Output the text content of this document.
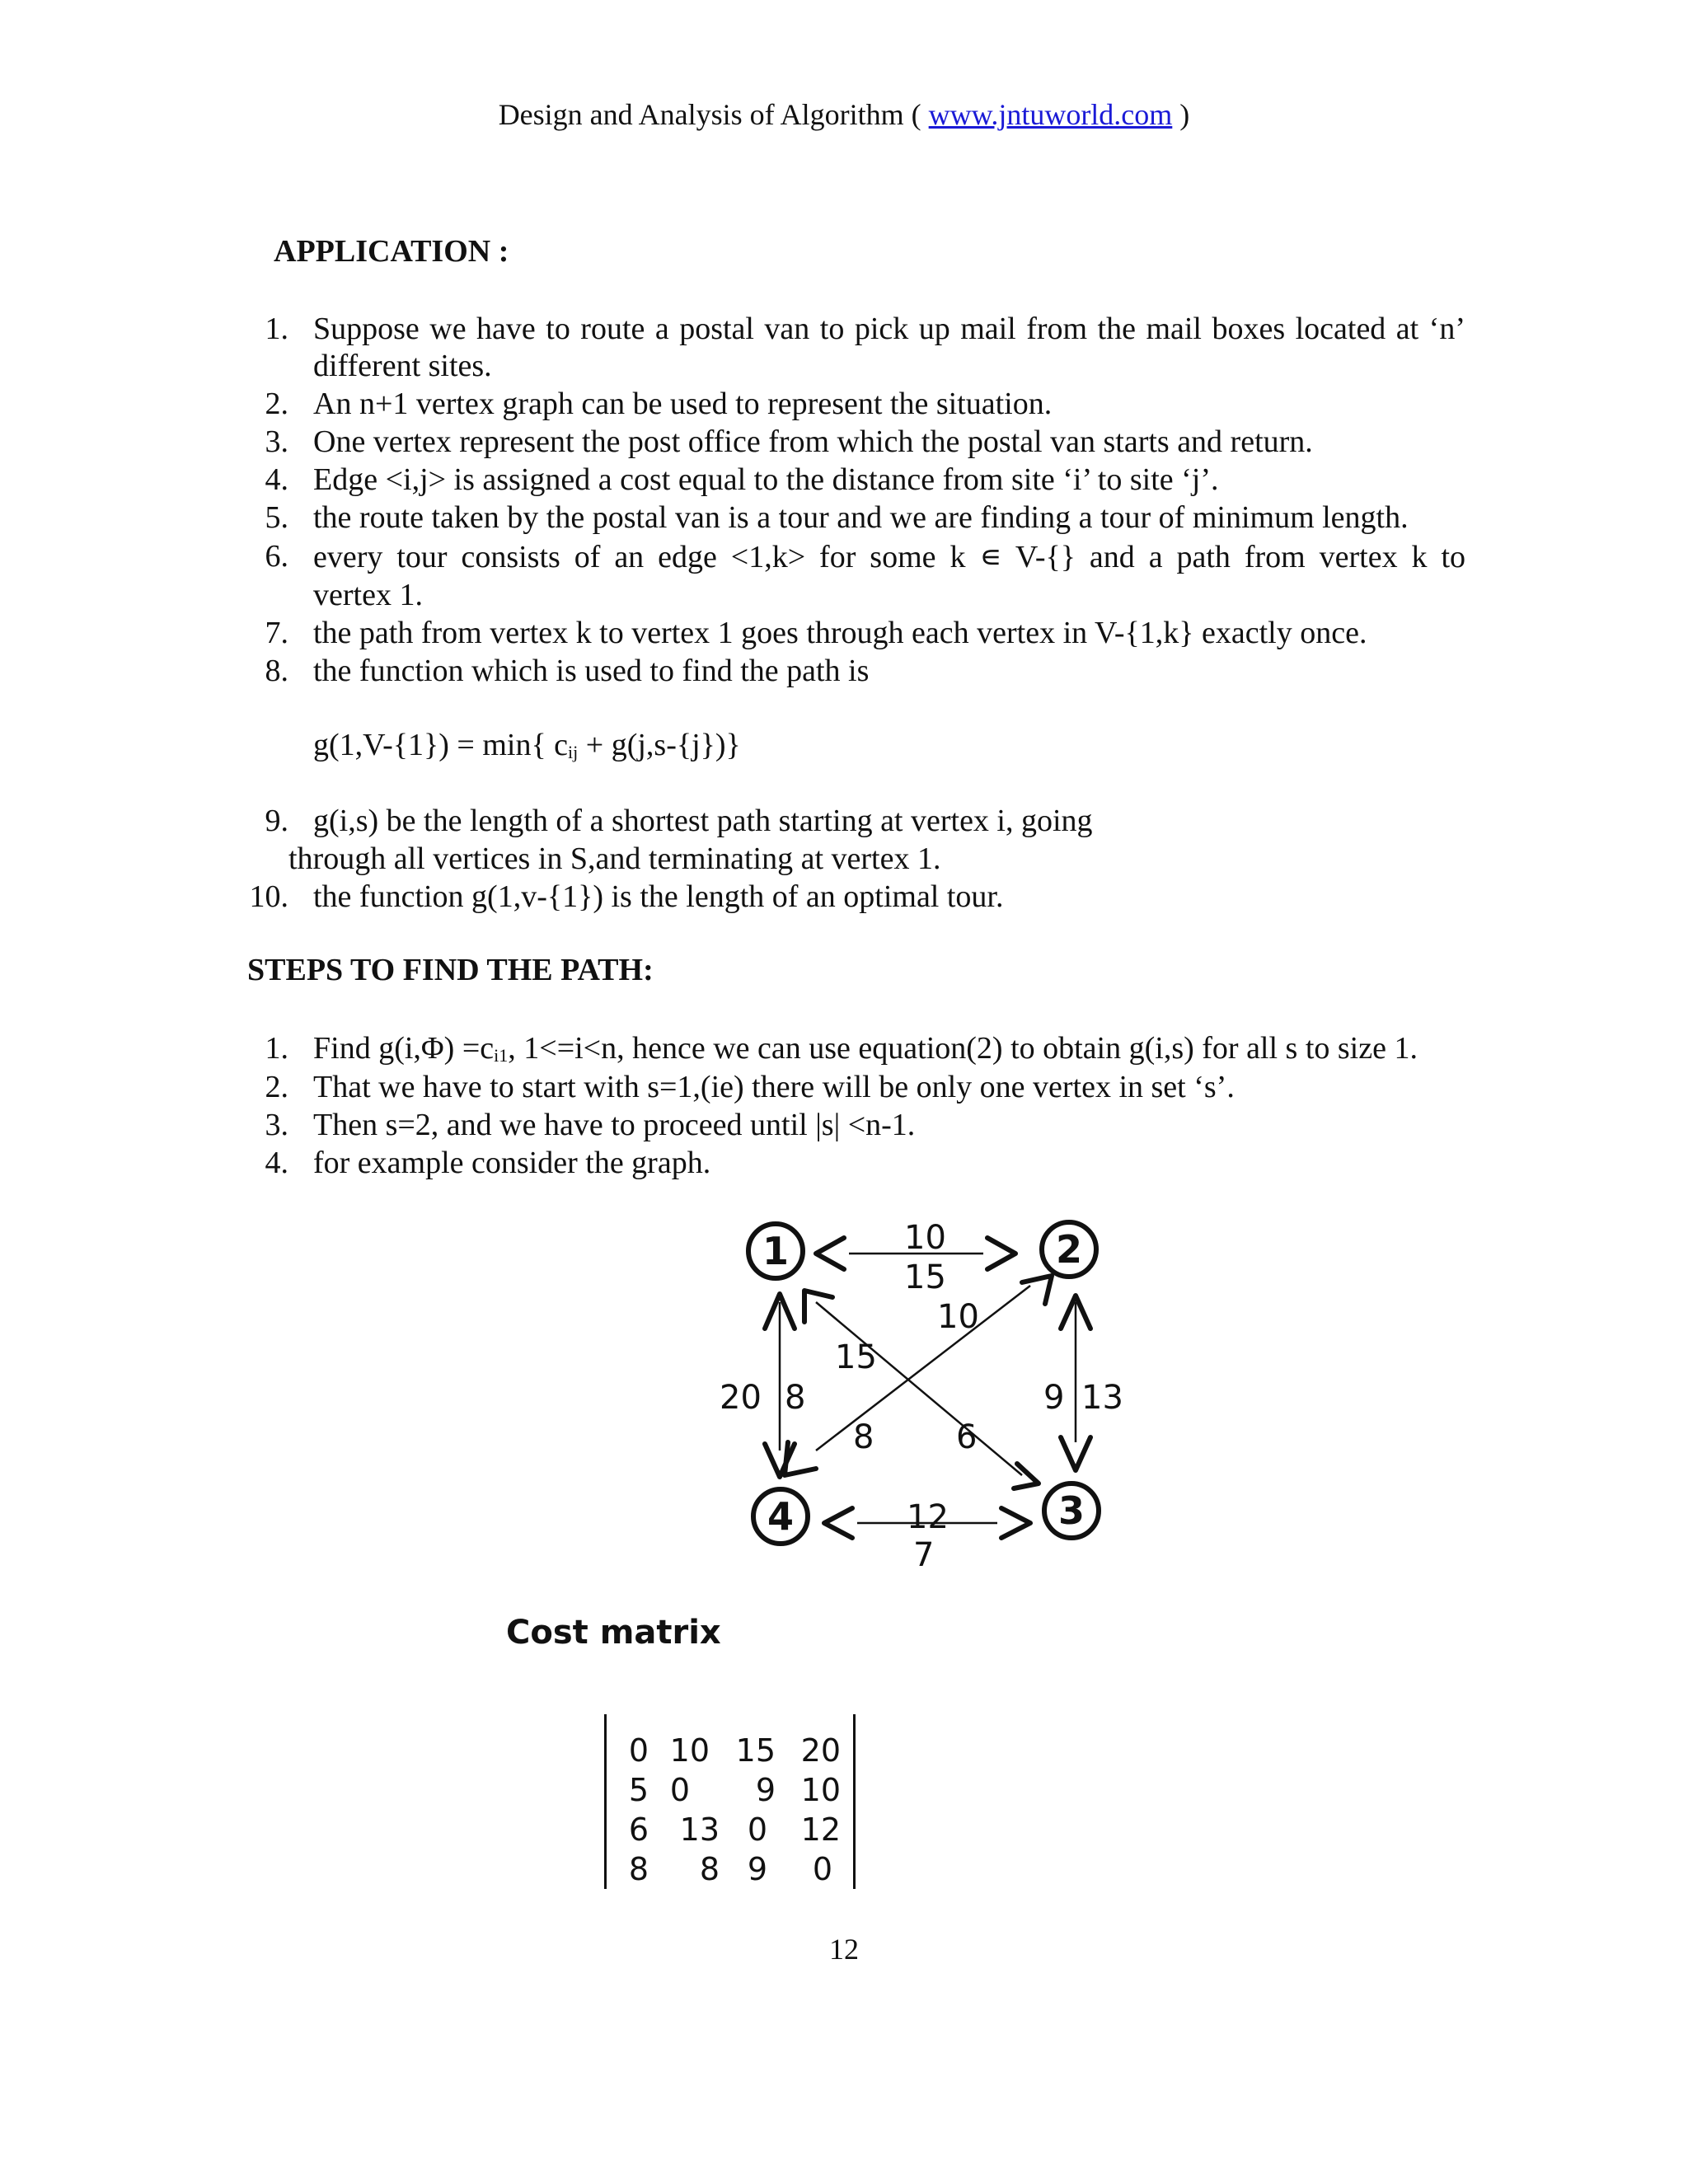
Design and Analysis of Algorithm ( www.jntuworld.com )
APPLICATION :
1. Suppose we have to route a postal van to pick up mail from the mail boxes located at ‘n’
different sites.
2. An n+1 vertex graph can be used to represent the situation.
3. One vertex represent the post office from which the postal van starts and return.
4. Edge <i,j> is assigned a cost equal to the distance from site ‘i’ to site ‘j’.
5. the route taken by the postal van is a tour and we are finding a tour of minimum length.
6. every tour consists of an edge <1,k> for some k ∊ V-{} and a path from vertex k to
vertex 1.
7. the path from vertex k to vertex 1 goes through each vertex in V-{1,k} exactly once.
8. the function which is used to find the path is
g(1,V-{1}) = min{ cij + g(j,s-{j})}
9. g(i,s) be the length of a shortest path starting at vertex i, going
through all vertices in S,and terminating at vertex 1.
10. the function g(1,v-{1}) is the length of an optimal tour.
STEPS TO FIND THE PATH:
1. Find g(i,Φ) =ci1, 1<=i<n, hence we can use equation(2) to obtain g(i,s) for all s to size 1.
2. That we have to start with s=1,(ie) there will be only one vertex in set ‘s’.
3. Then s=2, and we have to proceed until |s| <n-1.
4. for example consider the graph.
1	2
3
4
10
15
12
7
20 8	9 13
15
6
10
8
Cost matrix
0 10 15 20
5 0	9 10
6 13 0 12
8	8 9	0
12
